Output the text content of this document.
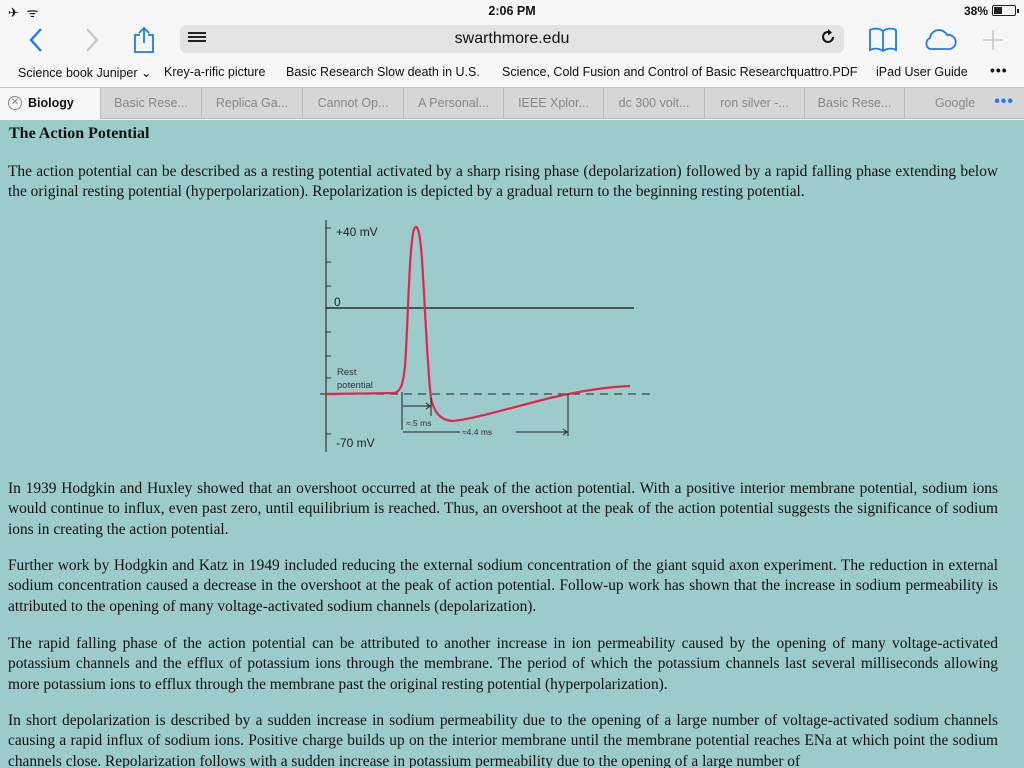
✈ ᯤ	2:06 PM	38%
swarthmore.edu
Science book Juniper ⌄ Krey-a-rific picture Basic Research Slow death in U.S. Science, Cold Fusion and Control of Basic Research
quattro.PDF iPad User Guide •••
✕ Biology	Basic Rese...	Replica Ga...	Cannot Op...	A Personal...	IEEE Xplor...	dc 300 volt...	ron silver -...	Basic Rese...	Google	•••
The Action Potential

The action potential can be described as a resting potential activated by a sharp rising phase (depolarization) followed by a rapid falling phase extending below the original resting potential (hyperpolarization). Repolarization is depicted by a gradual return to the beginning resting potential.

+40 mV
0
Rest
potential
-70 mV
≈.5 ms
≈4.4 ms

In 1939 Hodgkin and Huxley showed that an overshoot occurred at the peak of the action potential. With a positive interior membrane potential, sodium ions would continue to influx, even past zero, until equilibrium is reached. Thus, an overshoot at the peak of the action potential suggests the significance of sodium ions in creating the action potential.

Further work by Hodgkin and Katz in 1949 included reducing the external sodium concentration of the giant squid axon experiment. The reduction in external sodium concentration caused a decrease in the overshoot at the peak of action potential. Follow-up work has shown that the increase in sodium permeability is attributed to the opening of many voltage-activated sodium channels (depolarization).

The rapid falling phase of the action potential can be attributed to another increase in ion permeability caused by the opening of many voltage-activated potassium channels and the efflux of potassium ions through the membrane. The period of which the potassium channels last several milliseconds allowing more potassium ions to efflux through the membrane past the original resting potential (hyperpolarization).

In short depolarization is described by a sudden increase in sodium permeability due to the opening of a large number of voltage-activated sodium channels causing a rapid influx of sodium ions. Positive charge builds up on the interior membrane until the membrane potential reaches ENa at which point the sodium channels close. Repolarization follows with a sudden increase in potassium permeability due to the opening of a large number of
